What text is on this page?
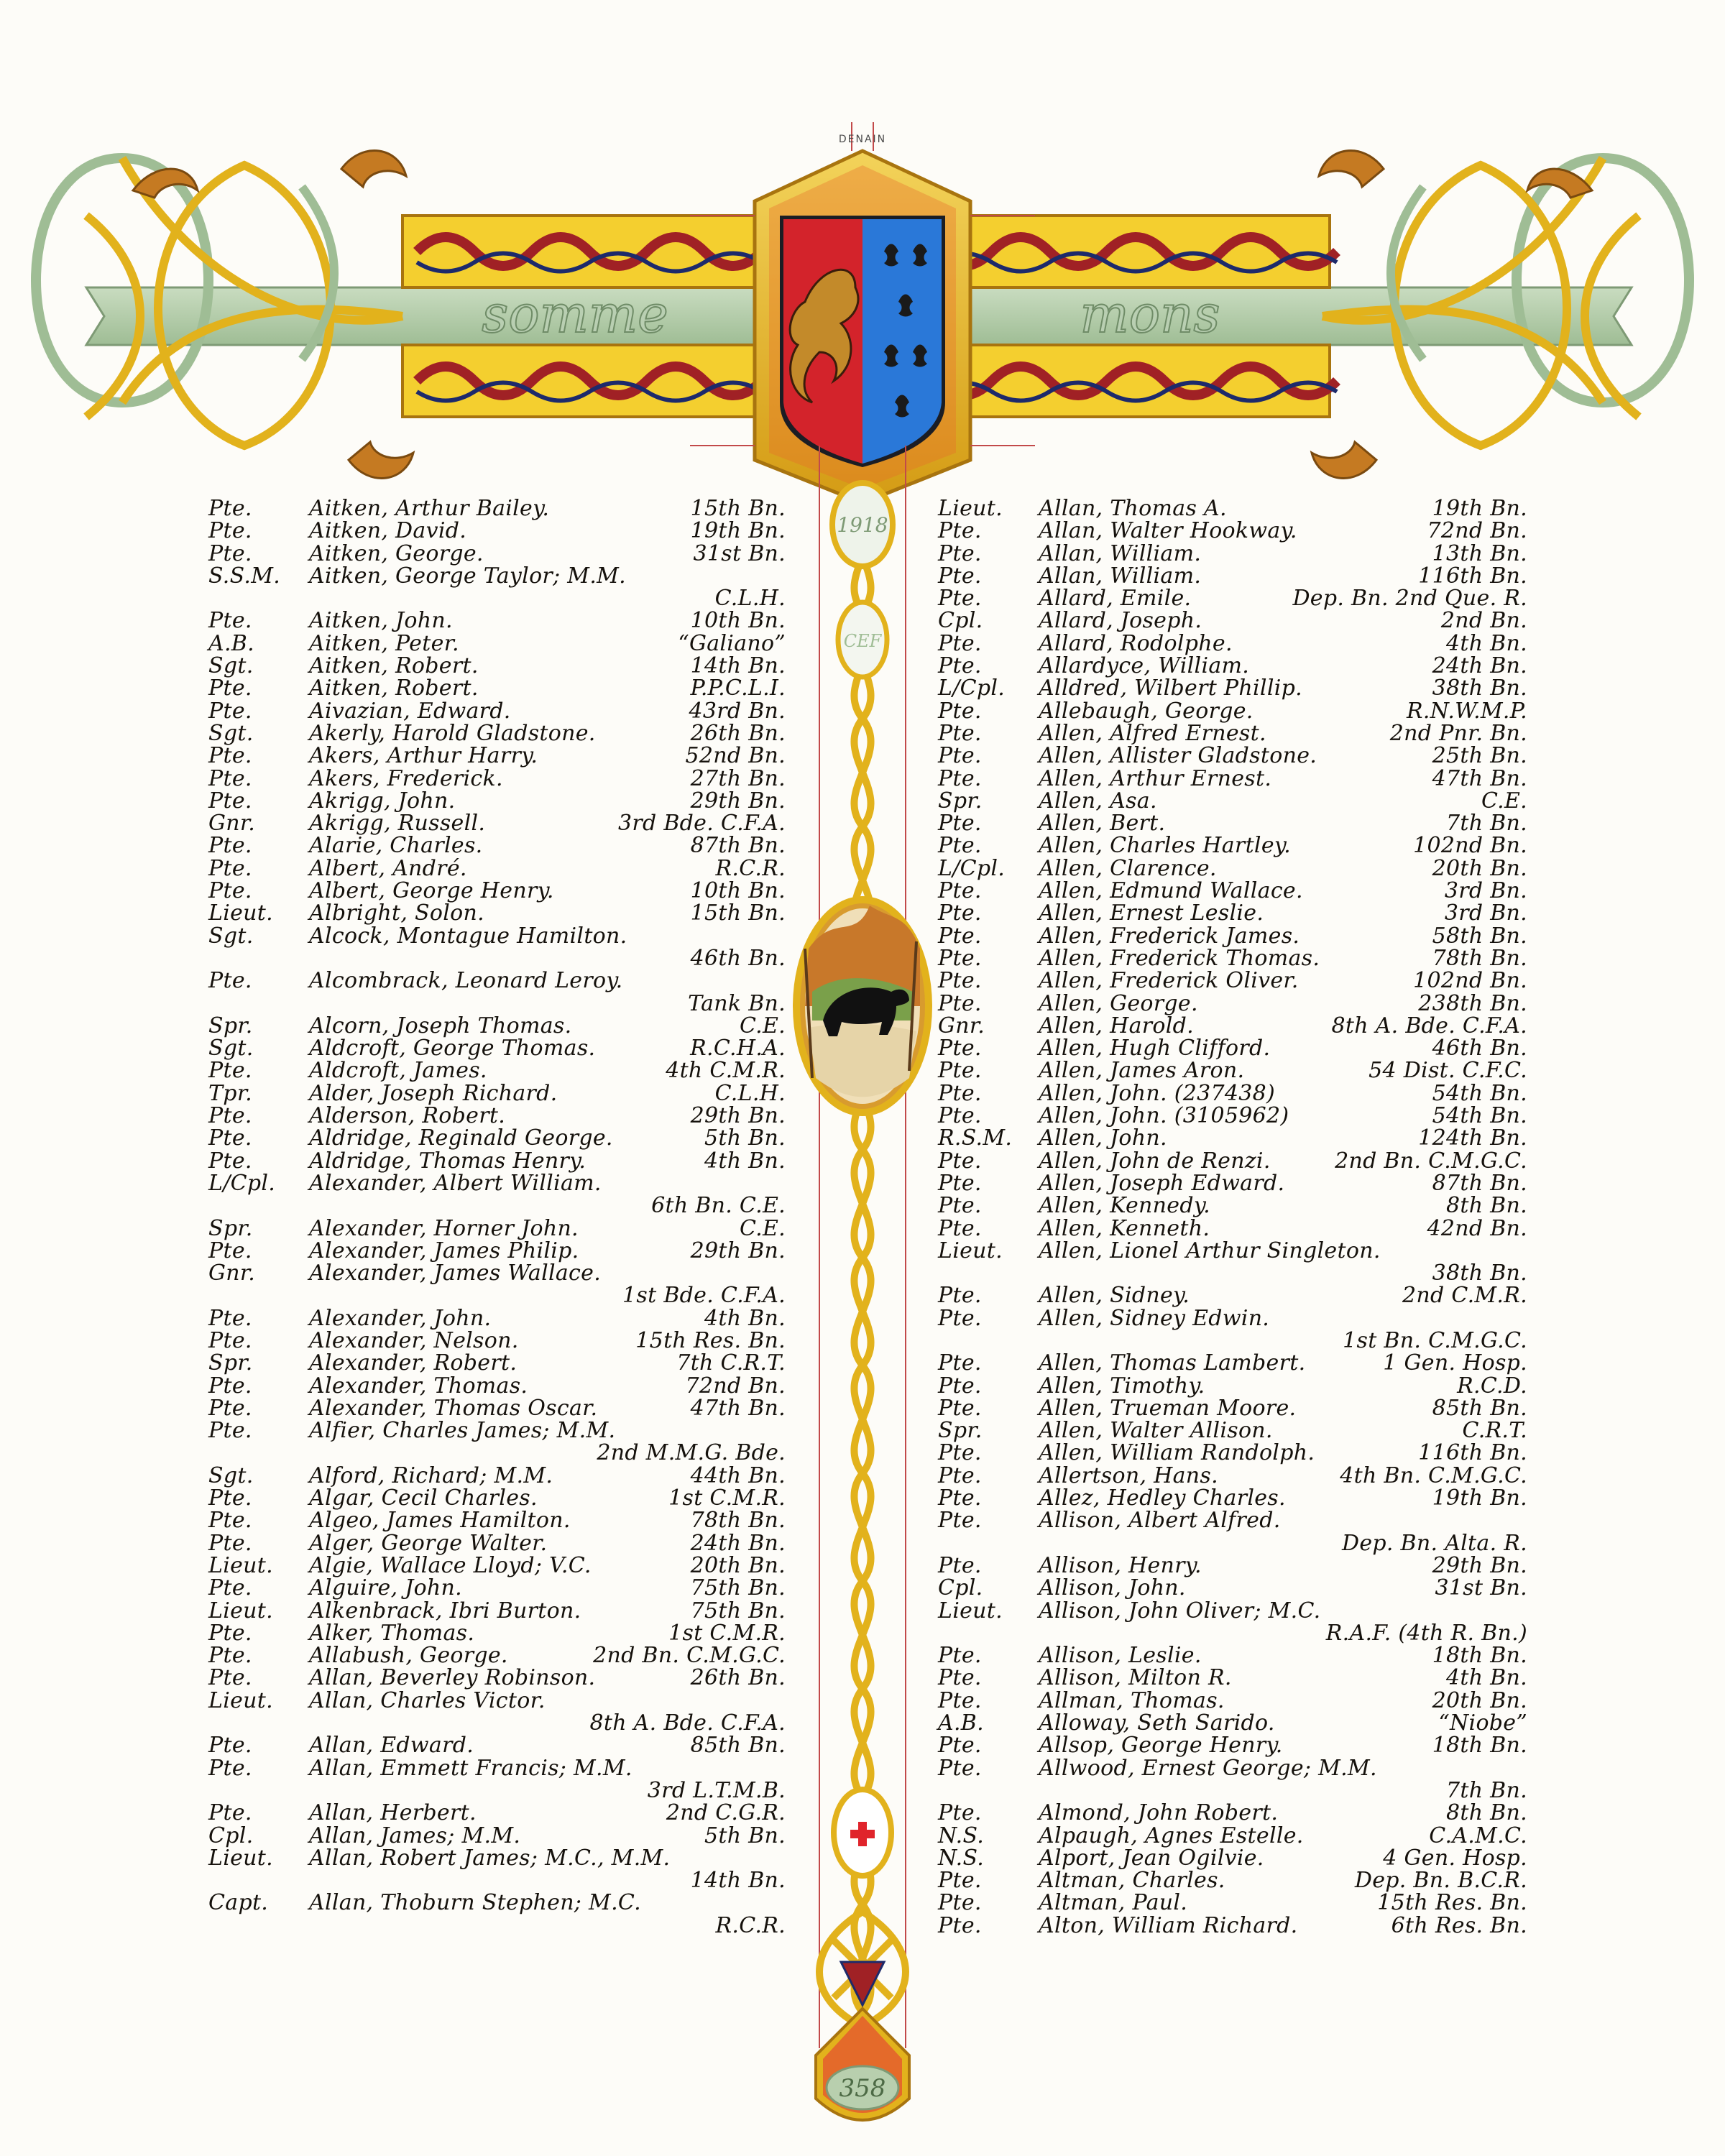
somme	mons
DENAIN
1918
CEF
358
Pte.	Aitken, Arthur Bailey.	15th Bn.
Pte.	Aitken, David.	19th Bn.
Pte.	Aitken, George.	31st Bn.
S.S.M.	Aitken, George Taylor; M.M.
C.L.H.
Pte.	Aitken, John.	10th Bn.
A.B.	Aitken, Peter.	“Galiano”
Sgt.	Aitken, Robert.	14th Bn.
Pte.	Aitken, Robert.	P.P.C.L.I.
Pte.	Aivazian, Edward.	43rd Bn.
Sgt.	Akerly, Harold Gladstone.	26th Bn.
Pte.	Akers, Arthur Harry.	52nd Bn.
Pte.	Akers, Frederick.	27th Bn.
Pte.	Akrigg, John.	29th Bn.
Gnr.	Akrigg, Russell.	3rd Bde. C.F.A.
Pte.	Alarie, Charles.	87th Bn.
Pte.	Albert, André.	R.C.R.
Pte.	Albert, George Henry.	10th Bn.
Lieut.	Albright, Solon.	15th Bn.
Sgt.	Alcock, Montague Hamilton.
46th Bn.
Pte.	Alcombrack, Leonard Leroy.
Tank Bn.
Spr.	Alcorn, Joseph Thomas.	C.E.
Sgt.	Aldcroft, George Thomas.	R.C.H.A.
Pte.	Aldcroft, James.	4th C.M.R.
Tpr.	Alder, Joseph Richard.	C.L.H.
Pte.	Alderson, Robert.	29th Bn.
Pte.	Aldridge, Reginald George.	5th Bn.
Pte.	Aldridge, Thomas Henry.	4th Bn.
L/Cpl.	Alexander, Albert William.
6th Bn. C.E.
Spr.	Alexander, Horner John.	C.E.
Pte.	Alexander, James Philip.	29th Bn.
Gnr.	Alexander, James Wallace.
1st Bde. C.F.A.
Pte.	Alexander, John.	4th Bn.
Pte.	Alexander, Nelson.	15th Res. Bn.
Spr.	Alexander, Robert.	7th C.R.T.
Pte.	Alexander, Thomas.	72nd Bn.
Pte.	Alexander, Thomas Oscar.	47th Bn.
Pte.	Alfier, Charles James; M.M.
2nd M.M.G. Bde.
Sgt.	Alford, Richard; M.M.	44th Bn.
Pte.	Algar, Cecil Charles.	1st C.M.R.
Pte.	Algeo, James Hamilton.	78th Bn.
Pte.	Alger, George Walter.	24th Bn.
Lieut.	Algie, Wallace Lloyd; V.C.	20th Bn.
Pte.	Alguire, John.	75th Bn.
Lieut.	Alkenbrack, Ibri Burton.	75th Bn.
Pte.	Alker, Thomas.	1st C.M.R.
Pte.	Allabush, George.	2nd Bn. C.M.G.C.
Pte.	Allan, Beverley Robinson.	26th Bn.
Lieut.	Allan, Charles Victor.
8th A. Bde. C.F.A.
Pte.	Allan, Edward.	85th Bn.
Pte.	Allan, Emmett Francis; M.M.
3rd L.T.M.B.
Pte.	Allan, Herbert.	2nd C.G.R.
Cpl.	Allan, James; M.M.	5th Bn.
Lieut.	Allan, Robert James; M.C., M.M.
14th Bn.
Capt.	Allan, Thoburn Stephen; M.C.
R.C.R.
Lieut.	Allan, Thomas A.	19th Bn.
Pte.	Allan, Walter Hookway.	72nd Bn.
Pte.	Allan, William.	13th Bn.
Pte.	Allan, William.	116th Bn.
Pte.	Allard, Emile.	Dep. Bn. 2nd Que. R.
Cpl.	Allard, Joseph.	2nd Bn.
Pte.	Allard, Rodolphe.	4th Bn.
Pte.	Allardyce, William.	24th Bn.
L/Cpl.	Alldred, Wilbert Phillip.	38th Bn.
Pte.	Allebaugh, George.	R.N.W.M.P.
Pte.	Allen, Alfred Ernest.	2nd Pnr. Bn.
Pte.	Allen, Allister Gladstone.	25th Bn.
Pte.	Allen, Arthur Ernest.	47th Bn.
Spr.	Allen, Asa.	C.E.
Pte.	Allen, Bert.	7th Bn.
Pte.	Allen, Charles Hartley.	102nd Bn.
L/Cpl.	Allen, Clarence.	20th Bn.
Pte.	Allen, Edmund Wallace.	3rd Bn.
Pte.	Allen, Ernest Leslie.	3rd Bn.
Pte.	Allen, Frederick James.	58th Bn.
Pte.	Allen, Frederick Thomas.	78th Bn.
Pte.	Allen, Frederick Oliver.	102nd Bn.
Pte.	Allen, George.	238th Bn.
Gnr.	Allen, Harold.	8th A. Bde. C.F.A.
Pte.	Allen, Hugh Clifford.	46th Bn.
Pte.	Allen, James Aron.	54 Dist. C.F.C.
Pte.	Allen, John. (237438)	54th Bn.
Pte.	Allen, John. (3105962)	54th Bn.
R.S.M.	Allen, John.	124th Bn.
Pte.	Allen, John de Renzi.	2nd Bn. C.M.G.C.
Pte.	Allen, Joseph Edward.	87th Bn.
Pte.	Allen, Kennedy.	8th Bn.
Pte.	Allen, Kenneth.	42nd Bn.
Lieut.	Allen, Lionel Arthur Singleton.
38th Bn.
Pte.	Allen, Sidney.	2nd C.M.R.
Pte.	Allen, Sidney Edwin.
1st Bn. C.M.G.C.
Pte.	Allen, Thomas Lambert.	1 Gen. Hosp.
Pte.	Allen, Timothy.	R.C.D.
Pte.	Allen, Trueman Moore.	85th Bn.
Spr.	Allen, Walter Allison.	C.R.T.
Pte.	Allen, William Randolph.	116th Bn.
Pte.	Allertson, Hans.	4th Bn. C.M.G.C.
Pte.	Allez, Hedley Charles.	19th Bn.
Pte.	Allison, Albert Alfred.
Dep. Bn. Alta. R.
Pte.	Allison, Henry.	29th Bn.
Cpl.	Allison, John.	31st Bn.
Lieut.	Allison, John Oliver; M.C.
R.A.F. (4th R. Bn.)
Pte.	Allison, Leslie.	18th Bn.
Pte.	Allison, Milton R.	4th Bn.
Pte.	Allman, Thomas.	20th Bn.
A.B.	Alloway, Seth Sarido.	“Niobe”
Pte.	Allsop, George Henry.	18th Bn.
Pte.	Allwood, Ernest George; M.M.
7th Bn.
Pte.	Almond, John Robert.	8th Bn.
N.S.	Alpaugh, Agnes Estelle.	C.A.M.C.
N.S.	Alport, Jean Ogilvie.	4 Gen. Hosp.
Pte.	Altman, Charles.	Dep. Bn. B.C.R.
Pte.	Altman, Paul.	15th Res. Bn.
Pte.	Alton, William Richard.	6th Res. Bn.
